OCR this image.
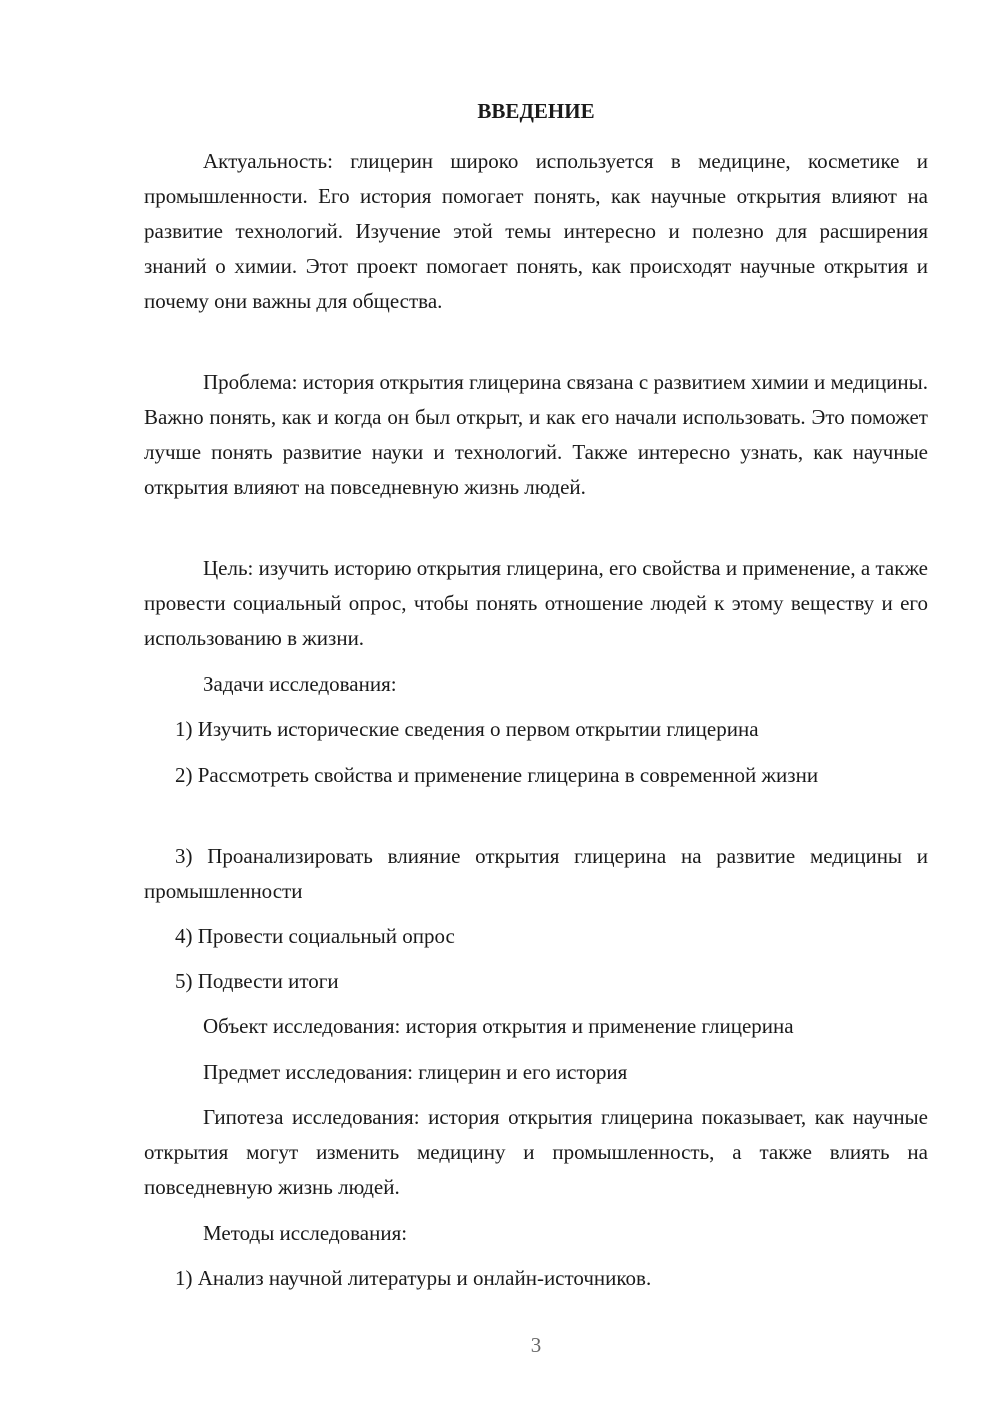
ВВЕДЕНИЕ

Актуальность: глицерин широко используется в медицине, косметике и промышленности. Его история помогает понять, как научные открытия влияют на развитие технологий. Изучение этой темы интересно и полезно для расширения знаний о химии. Этот проект помогает понять, как происходят научные открытия и почему они важны для общества.

Проблема: история открытия глицерина связана с развитием химии и медицины. Важно понять, как и когда он был открыт, и как его начали использовать. Это поможет лучше понять развитие науки и технологий. Также интересно узнать, как научные открытия влияют на повседневную жизнь людей.

Цель: изучить историю открытия глицерина, его свойства и применение, а также провести социальный опрос, чтобы понять отношение людей к этому веществу и его использованию в жизни.

Задачи исследования:

1) Изучить исторические сведения о первом открытии глицерина

2) Рассмотреть свойства и применение глицерина в современной жизни

3) Проанализировать влияние открытия глицерина на развитие медицины и промышленности

4) Провести социальный опрос

5) Подвести итоги

Объект исследования: история открытия и применение глицерина

Предмет исследования: глицерин и его история

Гипотеза исследования: история открытия глицерина показывает, как научные открытия могут изменить медицину и промышленность, а также влиять на повседневную жизнь людей.

Методы исследования:

1) Анализ научной литературы и онлайн-источников.

3
